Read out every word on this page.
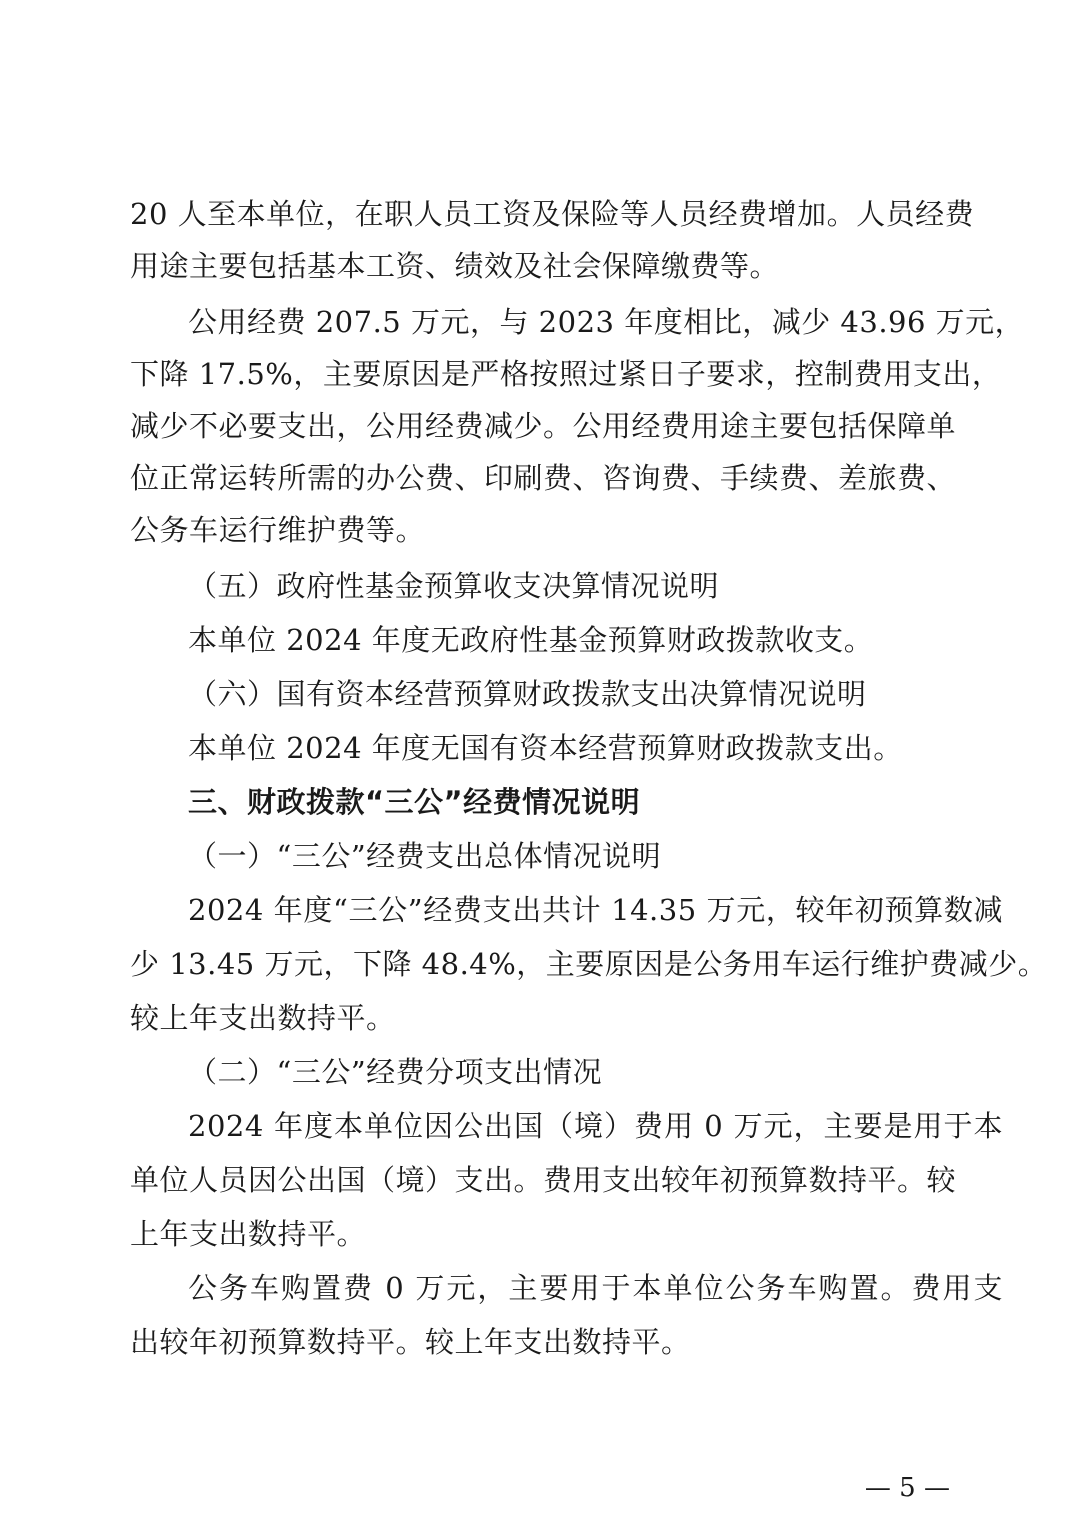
20 人至本单位，在职人员工资及保险等人员经费增加。人员经费
用途主要包括基本工资、绩效及社会保障缴费等。
公用经费 207.5 万元，与 2023 年度相比，减少 43.96 万元，
下降 17.5%，主要原因是严格按照过紧日子要求，控制费用支出，
减少不必要支出，公用经费减少。公用经费用途主要包括保障单
位正常运转所需的办公费、印刷费、咨询费、手续费、差旅费、
公务车运行维护费等。
（五）政府性基金预算收支决算情况说明
本单位 2024 年度无政府性基金预算财政拨款收支。
（六）国有资本经营预算财政拨款支出决算情况说明
本单位 2024 年度无国有资本经营预算财政拨款支出。
三、财政拨款“三公”经费情况说明
（一）“三公”经费支出总体情况说明
2024 年度“三公”经费支出共计 14.35 万元，较年初预算数减
少 13.45 万元，下降 48.4%，主要原因是公务用车运行维护费减少。
较上年支出数持平。
（二）“三公”经费分项支出情况
2024 年度本单位因公出国（境）费用 0 万元，主要是用于本
单位人员因公出国（境）支出。费用支出较年初预算数持平。较
上年支出数持平。
公务车购置费 0 万元，主要用于本单位公务车购置。费用支
出较年初预算数持平。较上年支出数持平。
— 5 —
